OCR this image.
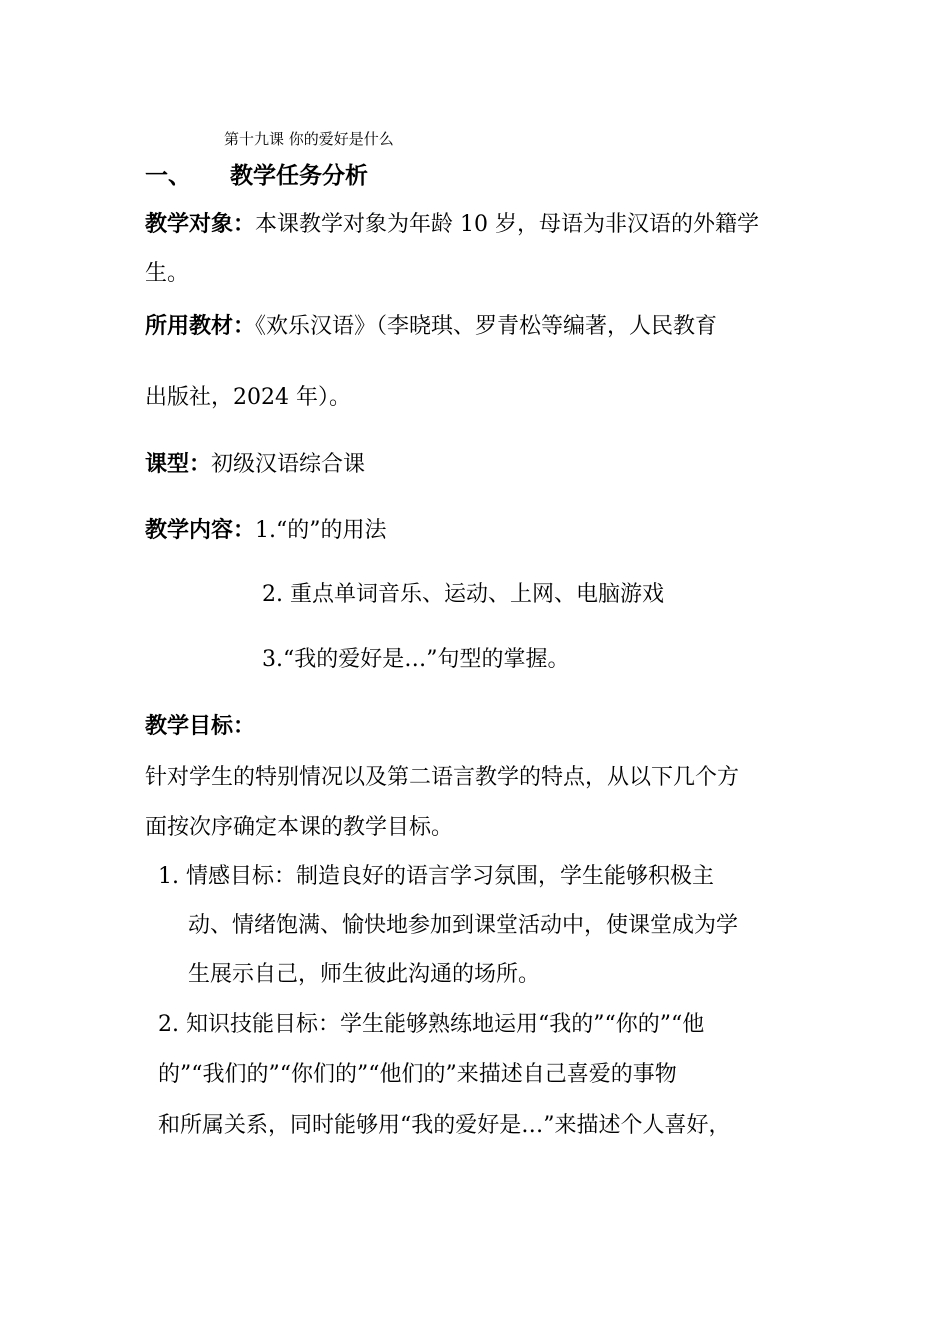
第十九课 你的爱好是什么
一、 教学任务分析
教学对象：本课教学对象为年龄 10 岁，母语为非汉语的外籍学
生。
所用教材：《欢乐汉语》（李晓琪、罗青松等编著，人民教育
出版社，2024 年）。
课型：初级汉语综合课
教学内容：1.“的”的用法
2. 重点单词音乐、运动、上网、电脑游戏
3.“我的爱好是…”句型的掌握。
教学目标：
针对学生的特别情况以及第二语言教学的特点，从以下几个方
面按次序确定本课的教学目标。
1. 情感目标：制造良好的语言学习氛围，学生能够积极主
动、情绪饱满、愉快地参加到课堂活动中，使课堂成为学
生展示自己，师生彼此沟通的场所。
2. 知识技能目标：学生能够熟练地运用“我的”“你的”“他
的”“我们的”“你们的”“他们的”来描述自己喜爱的事物
和所属关系，同时能够用“我的爱好是…”来描述个人喜好，
